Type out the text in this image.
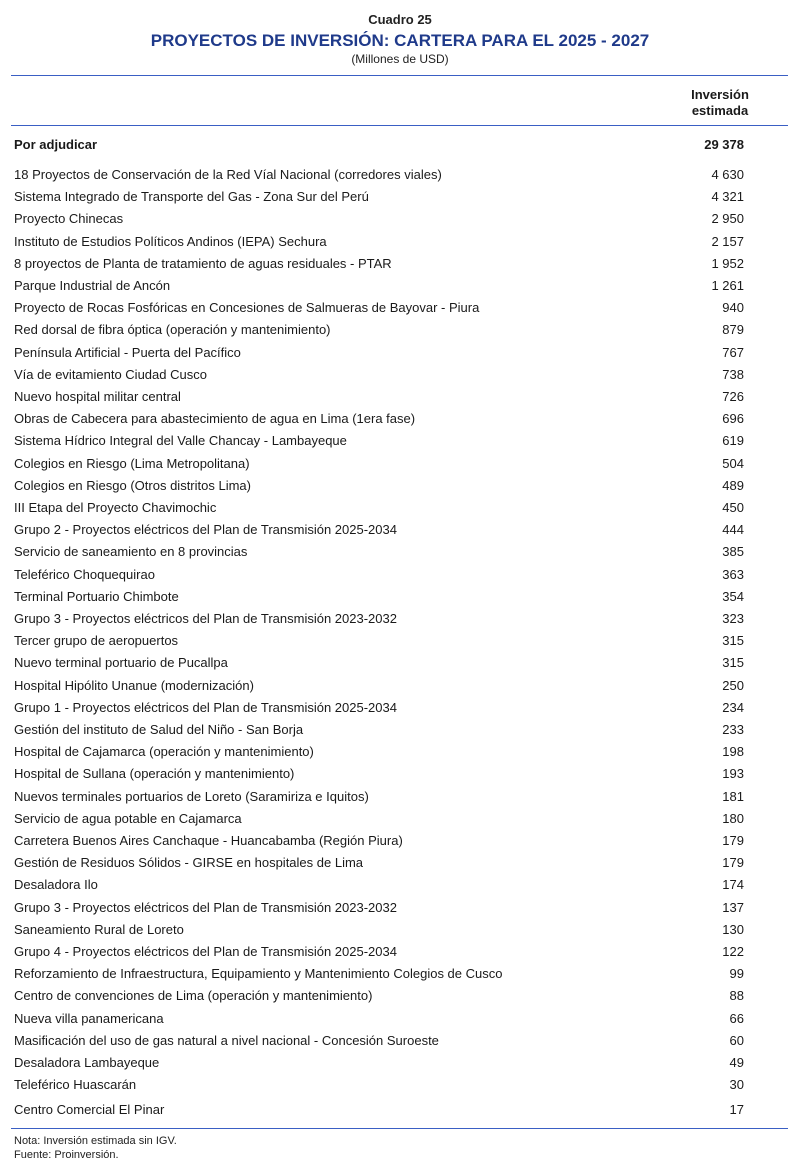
Cuadro 25
PROYECTOS DE INVERSIÓN: CARTERA PARA EL 2025 - 2027
(Millones de USD)
Inversión
estimada
Por adjudicar	29 378
18 Proyectos de Conservación de la Red Víal Nacional (corredores viales)	4 630
Sistema Integrado de Transporte del Gas - Zona Sur del Perú	4 321
Proyecto Chinecas	2 950
Instituto de Estudios Políticos Andinos (IEPA) Sechura	2 157
8 proyectos de Planta de tratamiento de aguas residuales - PTAR	1 952
Parque Industrial de Ancón	1 261
Proyecto de Rocas Fosfóricas en Concesiones de Salmueras de Bayovar - Piura	940
Red dorsal de fibra óptica (operación y mantenimiento)	879
Península Artificial - Puerta del Pacífico	767
Vía de evitamiento Ciudad Cusco	738
Nuevo hospital militar central	726
Obras de Cabecera para abastecimiento de agua en Lima (1era fase)	696
Sistema Hídrico Integral del Valle Chancay - Lambayeque	619
Colegios en Riesgo (Lima Metropolitana)	504
Colegios en Riesgo (Otros distritos Lima)	489
III Etapa del Proyecto Chavimochic	450
Grupo 2 - Proyectos eléctricos del Plan de Transmisión 2025-2034	444
Servicio de saneamiento en 8 provincias	385
Teleférico Choquequirao	363
Terminal Portuario Chimbote	354
Grupo 3 - Proyectos eléctricos del Plan de Transmisión 2023-2032	323
Tercer grupo de aeropuertos	315
Nuevo terminal portuario de Pucallpa	315
Hospital Hipólito Unanue (modernización)	250
Grupo 1 - Proyectos eléctricos del Plan de Transmisión 2025-2034	234
Gestión del instituto de Salud del Niño - San Borja	233
Hospital de Cajamarca (operación y mantenimiento)	198
Hospital de Sullana (operación y mantenimiento)	193
Nuevos terminales portuarios de Loreto (Saramiriza e Iquitos)	181
Servicio de agua potable en Cajamarca	180
Carretera Buenos Aires Canchaque - Huancabamba (Región Piura)	179
Gestión de Residuos Sólidos - GIRSE en hospitales de Lima	179
Desaladora Ilo	174
Grupo 3 - Proyectos eléctricos del Plan de Transmisión 2023-2032	137
Saneamiento Rural de Loreto	130
Grupo 4 - Proyectos eléctricos del Plan de Transmisión 2025-2034	122
Reforzamiento de Infraestructura, Equipamiento y Mantenimiento Colegios de Cusco	99
Centro de convenciones de Lima (operación y mantenimiento)	88
Nueva villa panamericana	66
Masificación del uso de gas natural a nivel nacional - Concesión Suroeste	60
Desaladora Lambayeque	49
Teleférico Huascarán	30
Centro Comercial El Pinar	17
Nota: Inversión estimada sin IGV.
Fuente: Proinversión.
